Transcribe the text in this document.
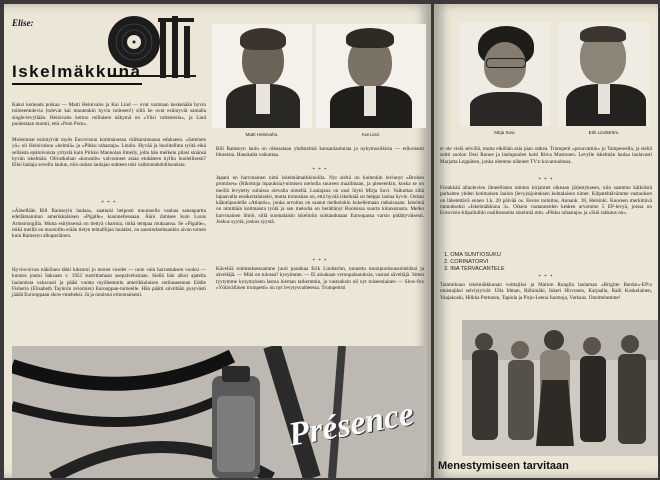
Elise:
Iskelmäkkuna
Matti Heinivaho.	Kai Lind.

Kaksi komeata poikaa — Matti Heinivaho ja Kai Lind — ovat varmaan keskenään hyvin toimeentulevia (tulevat kai muutenkin hyvin toimeen!) sillä he ovat esiintyvät samalla single-levyllään. Heinivaho kertoo millaisen näkymä on »Viisi valtameria», ja Lind puolestaan tuumii, että »Pom Pom».

Molemmat esiintyivät myös Eurovision kotimaisessa välikarsinnassa edukseen. »Sateinen yö» oli Heinivahon »helmiä» ja »Pikku rahastaja» Lindin. Hyvää ja huolitellutu työtä eikä sellaista epätoivoista yritystä kuin Pirkko Mannolan ilmeily, jolla hän melkein pilasi sinänsä hyvän iskelmän. Olivatkohan »konsulit» valvonneet asiaa etukäteen kyllin huolellisesti? Ellei laulaja sovellu laulun, niin onhan laulajan suhteen toki vaihtomahdollisuuksia.

* * *

»Äänellään Bill Ramseyin laulaa», saattaisi helposti muunnella vanhaa sananpartta edellämainitun amerikkalaisen »Pigalle» kuunnellessaan. Ääni rämisee kuin Louis Armstrongilla. Mutta esityksessä on tiettyä charmia, mikä tempaa mukaansa. Se »Pigalle», mikä meillä on muotoiltu erään tietyn tehtaillijan laulaksi, on sanoitukseltaankin aivan toinen kuin Ramseyn alkuperäinen.

Hyvinvoivan näköinen tähti lukeutui jo monet vuodet — noin vain harrastuksen vuoksi — kunnes joutui Saksaan v. 1952 suorittamaan asepalvelustaan. Siellä hän alkoi ajatella laulamista vakavasti ja pääsi vuotta myöhemmin amerikkalaisen sotilasaseman Eddie Fisherin (Elisabeth Taylorin aviomies) Eurooppan-turneelle. Hän päätti siivittään pysyvästi jäädä Eurooppaan show-mieheksi. Jä ja onnistui erinomaisesti.

Bill Ramseyn laulu on oikeastaan yhdistelmä kansanlauluista ja nykymusiikista — erikoisesti bluesista. Hauskalta vaikuttaa.

* * *

Japani on harvinainen nimi iskelmämarkkinoilla. Nyt sieltä on kuitenkin levinnyt »Broken promises» (Rikottuja lupauksia)-nimisen melodia suureen maailmaan, ja pieneenkin, koska se on meillä levytetty suluissa olevalla nimellä. Laulajana on uusi löytö Mirja Suvi. Vaikuttaa sillä lupaavalta ensikertalaiselsi, mutta toruushan on, että hyvää iskelmää on helppo laulaa hyvin. Onhan kääntöpuolella »Atlantis», jonka arvoitus on saanut melkeinkin kokeilemaan ratkaisuaan. Iskelmä on nimittäin kotimaista työtä ja sen melodia on herättänyt Ruotsissa suurta kiinnostusta. Melko harvinainen ilmiö, sillä suomalaisin iskelmiin suhtaudutaan Euroopassa varsin pidättyväisesti. Joskus syyttä, joskus syystä.

* * *

Käveliiä toimituksessamme juuri paraikaa Erik Lindström, tunnettu monipuolisuusmiehiksi ja säveltäjä. — Mitä on tulossa? kysyimme. — Ei ainakaan veronpalautuksia, vastasi säveltäjä. Sitten tyytymme kysymyksen lastua hieman tarkemmin, ja vastauksin oli nyt toiseenlainen — Slow-fox »Yötävällinen trumpetti» on nyt levytysvaiheessa. Trumpetisti

Présence
Mirja Suvi.	Erik Lindström.

ei ole vielä selvillä, mutta eiköhän asia pian ratkea. Trumpetti »pruuvattiin» jo Tampereella, ja sieltä soitti soolon Ossi Runne ja laulupuolen hoiti Ritva Mustonen. Levylle iskelmän laulaa laulavasti Marjatta Leppänen, jonka olemme nähneet TV:n kuvaruudussa.

* * *

Fistakkää allaolevien ilmeellisten nimien kirjaimet oikeaan järjestykseen, niin saamme kätköistä parhaiten yhden kotimaisen laulun (levy)sijoituksen kohtalaisen nimet. Kilpatehtävämme vastaukset on lähetettävä ennen 1.k. 20 päivää os. Eevan toimitus, Annank. 18, Helsinki. Kuoreen merkittävä tunnukseksi »Iskelmäkkuna 3». Oikein vastanneiden kesken arvomme 5 EP-levyä, joissa on Eurovisio-kilpailuihin osallistuneita iskelmiä mm. »Pikku rahastaja» ja »Sitä rakkaus on».

1. OMA SUNTIOSUKU
2. CORINATORVI
3. INA TERVACANTELE
* * *

Tammikuun iskelmäikkunan voittajiksi ja Marion Runglin laulaman »Brigitte Bardot»-EP:n omistajiksi selviytyivät: Ulla Idman, Riihimäki, Inkeri Hirvonen, Karjaalla, Raili Koskelainen, Vaajakoski, Hilkka Puttonen, Tapiola ja Pirjo-Leena Juomoja, Varkaus. Onnittelumme!

Menestymiseen tarvitaan
